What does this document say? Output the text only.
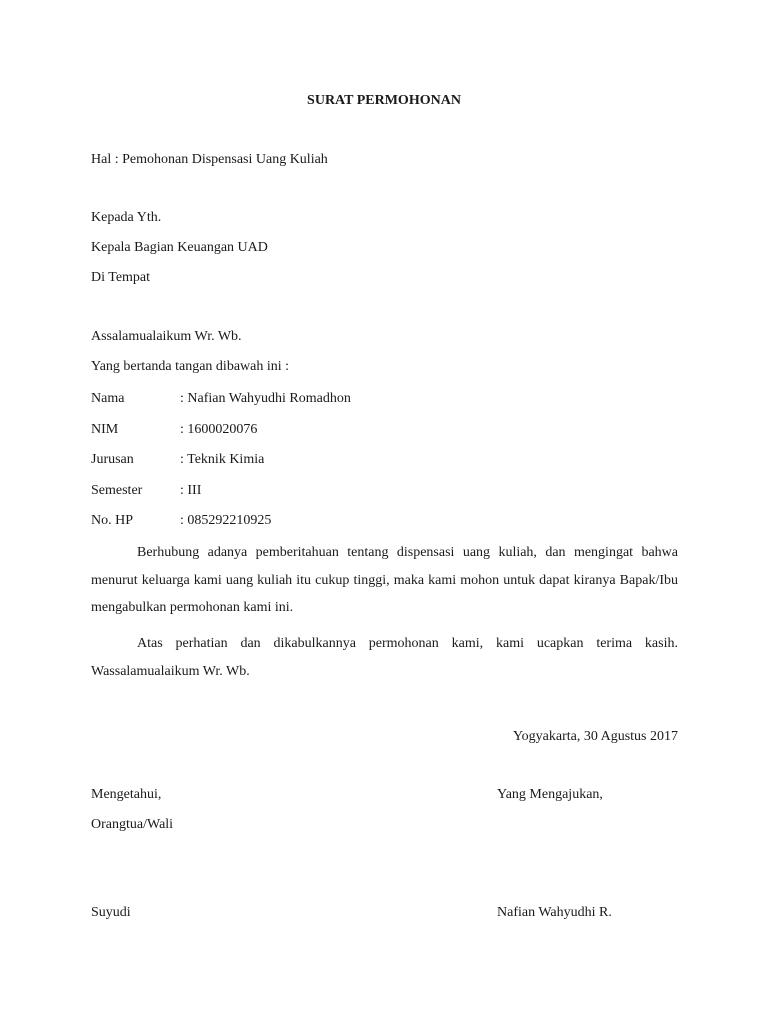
SURAT PERMOHONAN
Hal : Pemohonan Dispensasi Uang Kuliah
Kepada Yth.
Kepala Bagian Keuangan UAD
Di Tempat
Assalamualaikum Wr. Wb.
Yang bertanda tangan dibawah ini :
Nama	: Nafian Wahyudhi Romadhon
NIM	: 1600020076
Jurusan	: Teknik Kimia
Semester	: III
No. HP	: 085292210925
Berhubung adanya pemberitahuan tentang dispensasi uang kuliah, dan mengingat bahwa menurut keluarga kami uang kuliah itu cukup tinggi, maka kami mohon untuk dapat kiranya Bapak/Ibu mengabulkan permohonan kami ini.
Atas perhatian dan dikabulkannya permohonan kami, kami ucapkan terima kasih. Wassalamualaikum Wr. Wb.
Yogyakarta, 30 Agustus 2017
Mengetahui,	Yang Mengajukan,
Orangtua/Wali
Suyudi	Nafian Wahyudhi R.
